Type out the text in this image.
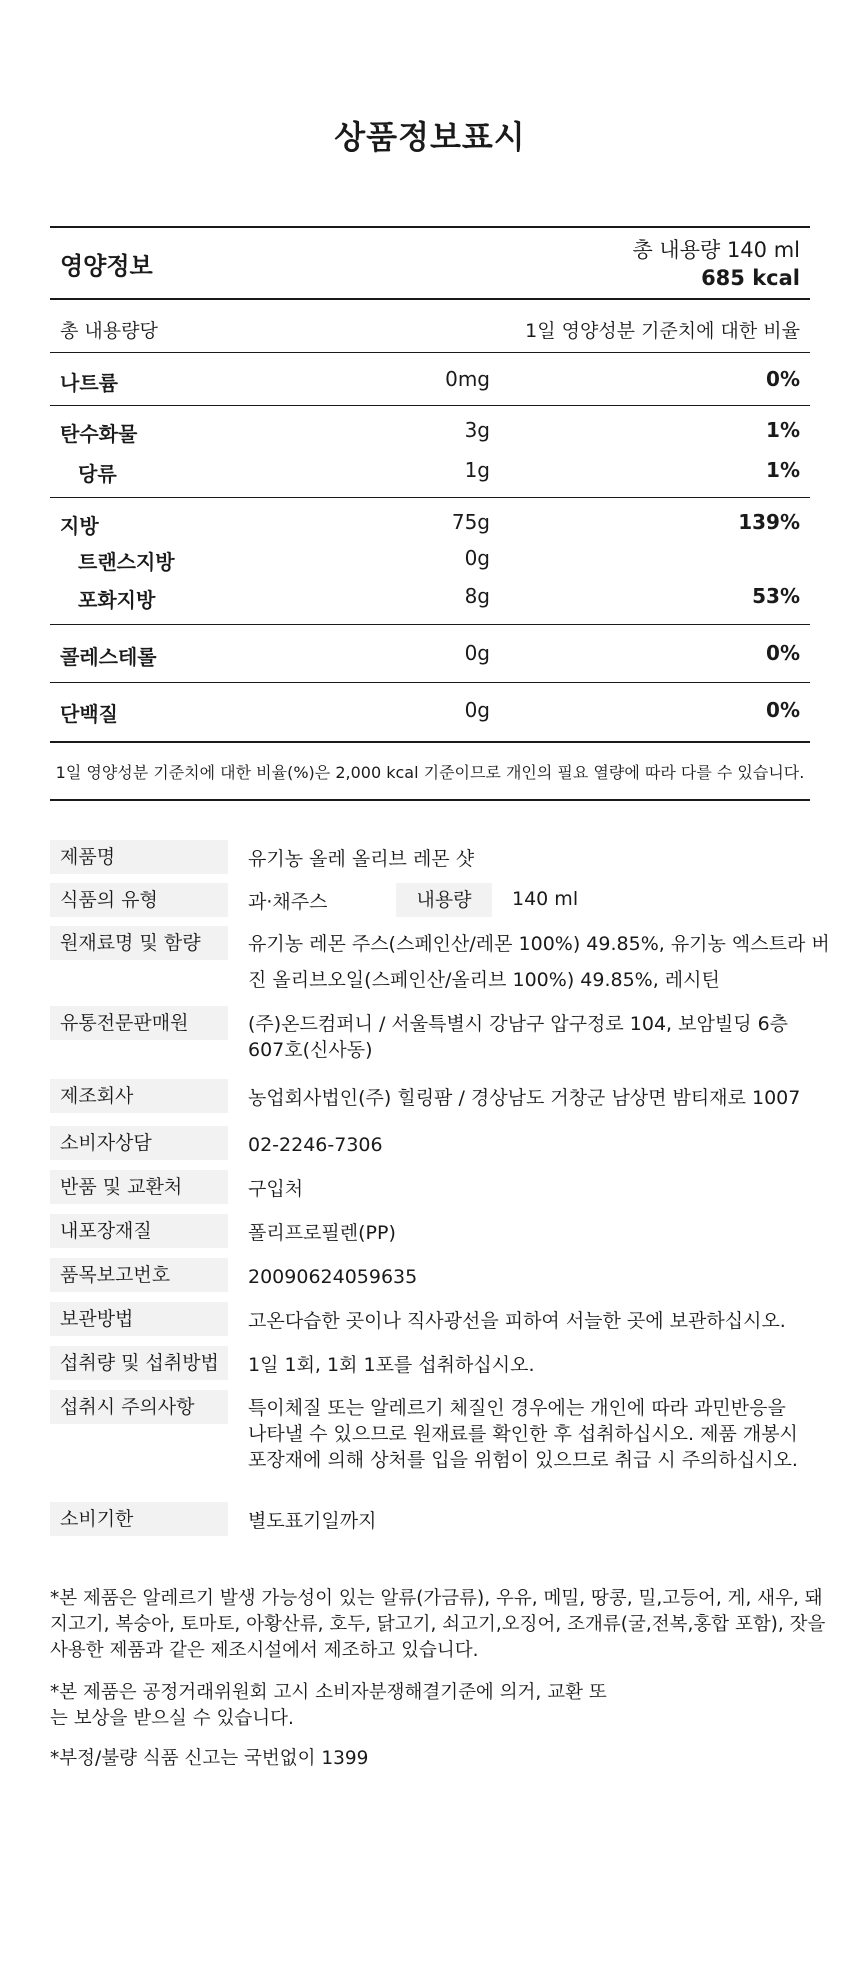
상품정보표시
영양정보
총 내용량 140 ml
685 kcal
총 내용량당	1일 영양성분 기준치에 대한 비율
나트륨	0mg	0%
탄수화물	3g	1%
당류	1g	1%
지방	75g	139%
트랜스지방	0g
포화지방	8g	53%
콜레스테롤	0g	0%
단백질	0g	0%
1일 영양성분 기준치에 대한 비율(%)은 2,000 kcal 기준이므로 개인의 필요 열량에 따라 다를 수 있습니다.
제품명	유기농 올레 올리브 레몬 샷
식품의 유형	과·채주스	내용량	140 ml
원재료명 및 함량	유기농 레몬 주스(스페인산/레몬 100%) 49.85%, 유기농 엑스트라 버진 올리브오일(스페인산/올리브 100%) 49.85%, 레시틴
유통전문판매원	(주)온드컴퍼니 / 서울특별시 강남구 압구정로 104, 보암빌딩 6층 607호(신사동)
제조회사	농업회사법인(주) 힐링팜 / 경상남도 거창군 남상면 밤티재로 1007
소비자상담	02-2246-7306
반품 및 교환처	구입처
내포장재질	폴리프로필렌(PP)
품목보고번호	20090624059635
보관방법	고온다습한 곳이나 직사광선을 피하여 서늘한 곳에 보관하십시오.
섭취량 및 섭취방법	1일 1회, 1회 1포를 섭취하십시오.
섭취시 주의사항	특이체질 또는 알레르기 체질인 경우에는 개인에 따라 과민반응을 나타낼 수 있으므로 원재료를 확인한 후 섭취하십시오. 제품 개봉시 포장재에 의해 상처를 입을 위험이 있으므로 취급 시 주의하십시오.
소비기한	별도표기일까지
*본 제품은 알레르기 발생 가능성이 있는 알류(가금류), 우유, 메밀, 땅콩, 밀,고등어, 게, 새우, 돼지고기, 복숭아, 토마토, 아황산류, 호두, 닭고기, 쇠고기,오징어, 조개류(굴,전복,홍합 포함), 잣을 사용한 제품과 같은 제조시설에서 제조하고 있습니다.
*본 제품은 공정거래위원회 고시 소비자분쟁해결기준에 의거, 교환 또는 보상을 받으실 수 있습니다.
*부정/불량 식품 신고는 국번없이 1399
